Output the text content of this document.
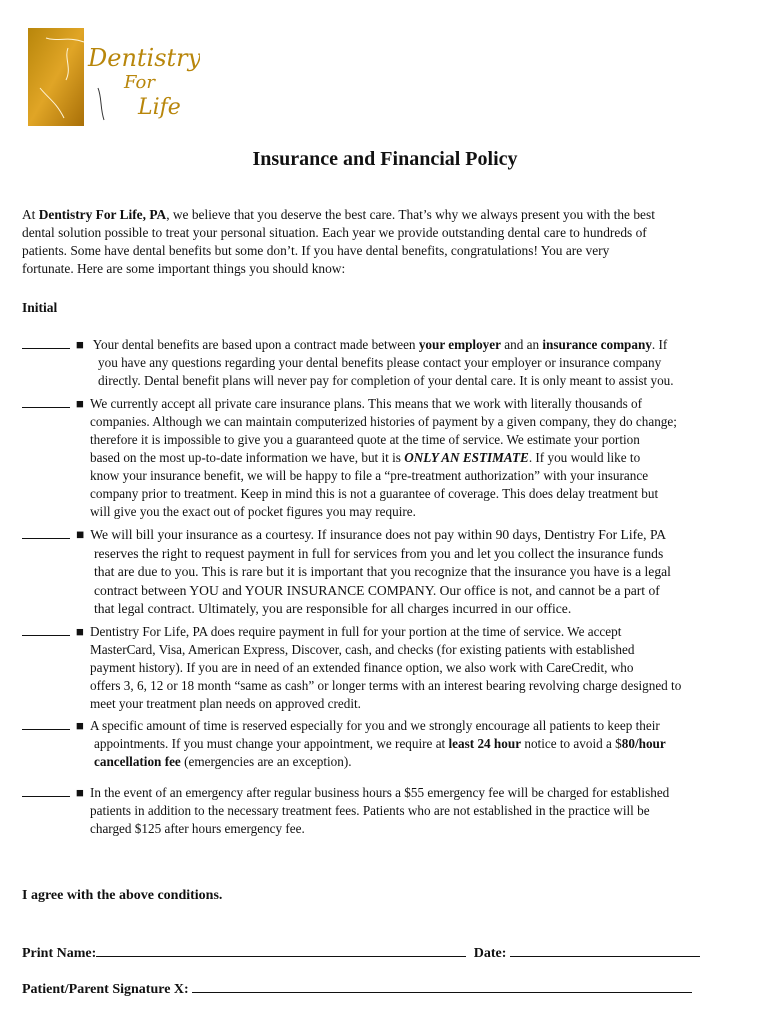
Dentistry
For
Life
Insurance and Financial Policy
At Dentistry For Life, PA, we believe that you deserve the best care. That’s why we always present you with the best
dental solution possible to treat your personal situation. Each year we provide outstanding dental care to hundreds of
patients. Some have dental benefits but some don’t. If you have dental benefits, congratulations! You are very
fortunate. Here are some important things you should know:
Initial
■ Your dental benefits are based upon a contract made between your employer and an insurance company. If
you have any questions regarding your dental benefits please contact your employer or insurance company
directly. Dental benefit plans will never pay for completion of your dental care. It is only meant to assist you.
■ We currently accept all private care insurance plans. This means that we work with literally thousands of
companies. Although we can maintain computerized histories of payment by a given company, they do change;
therefore it is impossible to give you a guaranteed quote at the time of service. We estimate your portion
based on the most up-to-date information we have, but it is ONLY AN ESTIMATE. If you would like to
know your insurance benefit, we will be happy to file a “pre-treatment authorization” with your insurance
company prior to treatment. Keep in mind this is not a guarantee of coverage. This does delay treatment but
will give you the exact out of pocket figures you may require.
■ We will bill your insurance as a courtesy. If insurance does not pay within 90 days, Dentistry For Life, PA
reserves the right to request payment in full for services from you and let you collect the insurance funds
that are due to you. This is rare but it is important that you recognize that the insurance you have is a legal
contract between YOU and YOUR INSURANCE COMPANY. Our office is not, and cannot be a part of
that legal contract. Ultimately, you are responsible for all charges incurred in our office.
■ Dentistry For Life, PA does require payment in full for your portion at the time of service. We accept
MasterCard, Visa, American Express, Discover, cash, and checks (for existing patients with established
payment history). If you are in need of an extended finance option, we also work with CareCredit, who
offers 3, 6, 12 or 18 month “same as cash” or longer terms with an interest bearing revolving charge designed to
meet your treatment plan needs on approved credit.
■ A specific amount of time is reserved especially for you and we strongly encourage all patients to keep their
appointments. If you must change your appointment, we require at least 24 hour notice to avoid a $80/hour
cancellation fee (emergencies are an exception).
■ In the event of an emergency after regular business hours a $55 emergency fee will be charged for established
patients in addition to the necessary treatment fees. Patients who are not established in the practice will be
charged $125 after hours emergency fee.
I agree with the above conditions.
Print Name:	Date:
Patient/Parent Signature X:
